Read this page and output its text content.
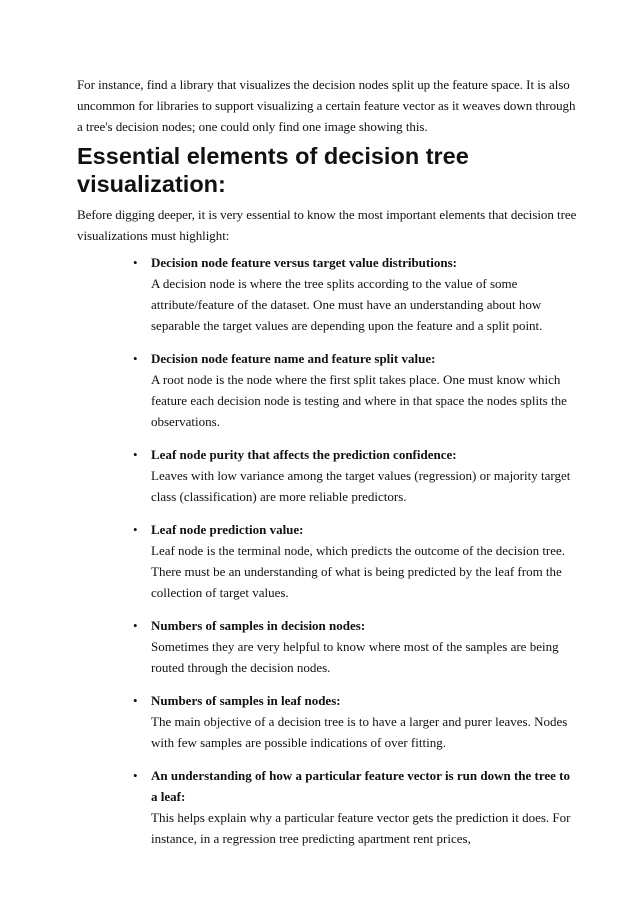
For instance, find a library that visualizes the decision nodes split up the feature space. It is also uncommon for libraries to support visualizing a certain feature vector as it weaves down through a tree's decision nodes; one could only find one image showing this.

Essential elements of decision tree visualization:

Before digging deeper, it is very essential to know the most important elements that decision tree visualizations must highlight:

• Decision node feature versus target value distributions:
A decision node is where the tree splits according to the value of some attribute/feature of the dataset. One must have an understanding about how separable the target values are depending upon the feature and a split point.
• Decision node feature name and feature split value:
A root node is the node where the first split takes place. One must know which feature each decision node is testing and where in that space the nodes splits the observations.
• Leaf node purity that affects the prediction confidence:
Leaves with low variance among the target values (regression) or majority target class (classification) are more reliable predictors.
• Leaf node prediction value:
Leaf node is the terminal node, which predicts the outcome of the decision tree. There must be an understanding of what is being predicted by the leaf from the collection of target values.
• Numbers of samples in decision nodes:
Sometimes they are very helpful to know where most of the samples are being routed through the decision nodes.
• Numbers of samples in leaf nodes:
The main objective of a decision tree is to have a larger and purer leaves. Nodes with few samples are possible indications of over fitting.
• An understanding of how a particular feature vector is run down the tree to a leaf:
This helps explain why a particular feature vector gets the prediction it does. For instance, in a regression tree predicting apartment rent prices,
